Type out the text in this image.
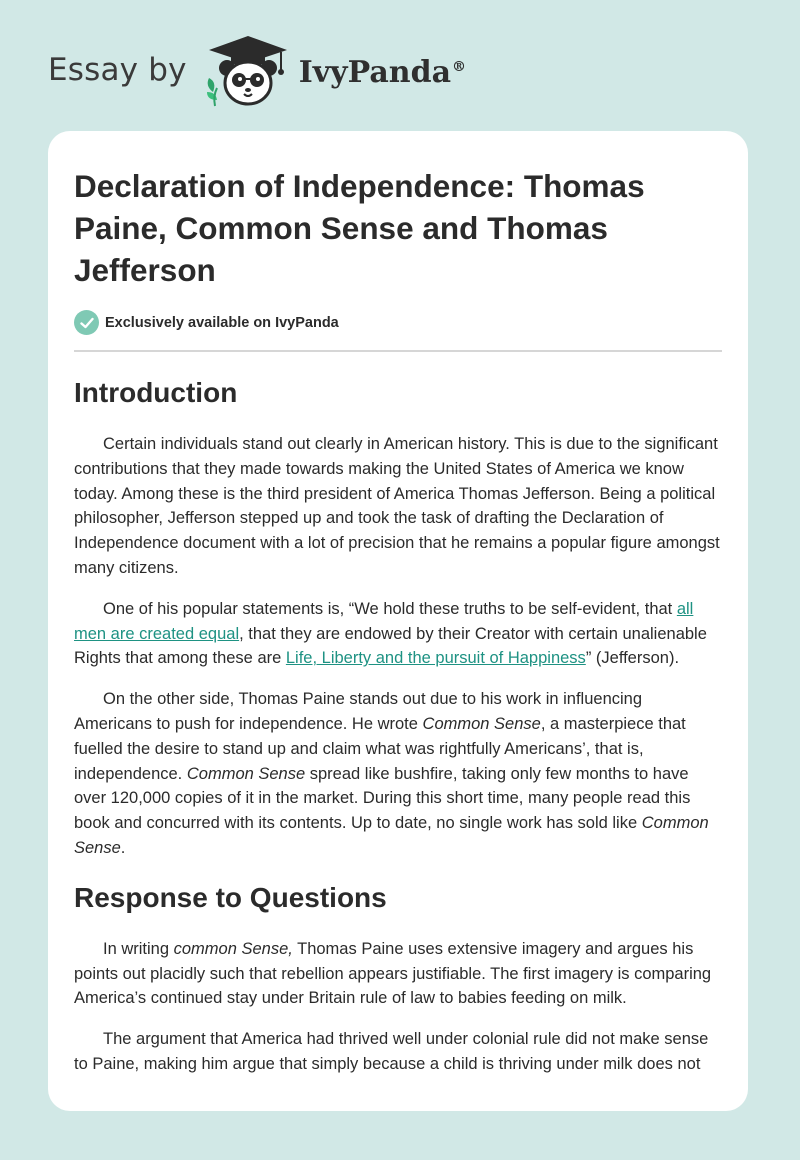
Essay by	IvyPanda®
Declaration of Independence: Thomas Paine, Common Sense and Thomas Jefferson
Exclusively available on IvyPanda
Introduction

Certain individuals stand out clearly in American history. This is due to the significant contributions that they made towards making the United States of America we know today. Among these is the third president of America Thomas Jefferson. Being a political philosopher, Jefferson stepped up and took the task of drafting the Declaration of Independence document with a lot of precision that he remains a popular figure amongst many citizens.

One of his popular statements is, “We hold these truths to be self-evident, that all men are created equal, that they are endowed by their Creator with certain unalienable Rights that among these are Life, Liberty and the pursuit of Happiness” (Jefferson).

On the other side, Thomas Paine stands out due to his work in influencing Americans to push for independence. He wrote Common Sense, a masterpiece that fuelled the desire to stand up and claim what was rightfully Americans’, that is, independence. Common Sense spread like bushfire, taking only few months to have over 120,000 copies of it in the market. During this short time, many people read this book and concurred with its contents. Up to date, no single work has sold like Common Sense.

Response to Questions

In writing common Sense, Thomas Paine uses extensive imagery and argues his points out placidly such that rebellion appears justifiable. The first imagery is comparing America’s continued stay under Britain rule of law to babies feeding on milk.

The argument that America had thrived well under colonial rule did not make sense to Paine, making him argue that simply because a child is thriving under milk does not
